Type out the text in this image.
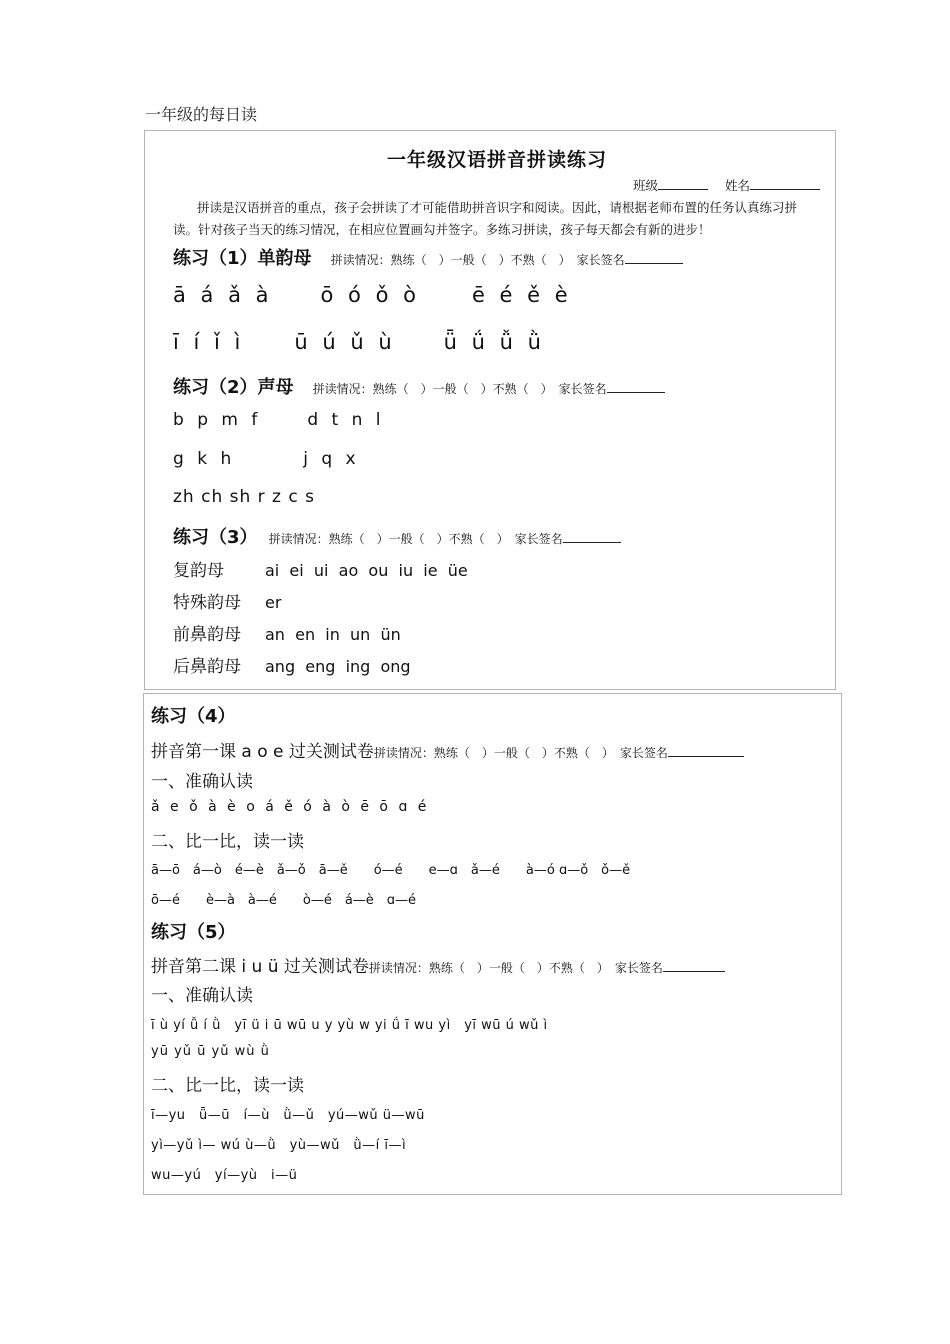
一年级的每日读
一年级汉语拼音拼读练习
班级	姓名
拼读是汉语拼音的重点，孩子会拼读了才可能借助拼音识字和阅读。因此，请根据老师布置的任务认真练习拼
读。针对孩子当天的练习情况，在相应位置画勾并签字。多练习拼读，孩子每天都会有新的进步！
练习（1）单韵母 拼读情况：熟练（　）一般（　）不熟（　）　家长签名
ā á ǎ à ō ó ǒ ò ē é ě è
ī í ǐ ì ū ú ǔ ù ǖ ǘ ǚ ǜ
练习（2）声母 拼读情况：熟练（　）一般（　）不熟（　）　家长签名
b p m f	d t n l
g k h	j q x
zh ch sh r z c s
练习（3） 拼读情况：熟练（　）一般（　）不熟（　）　家长签名
复韵母	ai  ei  ui  ao  ou  iu  ie  üe
特殊韵母 er
前鼻韵母 an  en  in  un  ün
后鼻韵母 ang  eng  ing  ong
练习（4）
拼音第一课 a o e 过关测试卷拼读情况：熟练（　）一般（　）不熟（　）　家长签名
一、准确认读
ǎ e ǒ à è o á ě ó à ò ē ō ɑ é
二、比一比，读一读
ā—ō　á—ò　é—è　ǎ—ǒ　ā—ě　　ó—é　　e—ɑ　ǎ—é　　à—ó ɑ—ǒ　ǒ—ě
ō—é　　è—à　à—é　　ò—é　á—è　ɑ—é
练习（5）
拼音第二课 i u ü 过关测试卷拼读情况：熟练（　）一般（　）不熟（　）　家长签名
一、准确认读
ī ù yí ǚ í ǜ　yī ü i ū wū u y yù w yi ǘ ī wu yì　yī wū ú wǔ ì
yū yǔ ū yǔ wù ǜ
二、比一比，读一读
ī—yu　ǖ—ū　í—ù　ǜ—ǔ　yú—wǔ ü—wū
yì—yǔ ì— wú ù—ǜ　yù—wǔ　ǜ—í ī—ì
wu—yú　yí—yù　i—ü
